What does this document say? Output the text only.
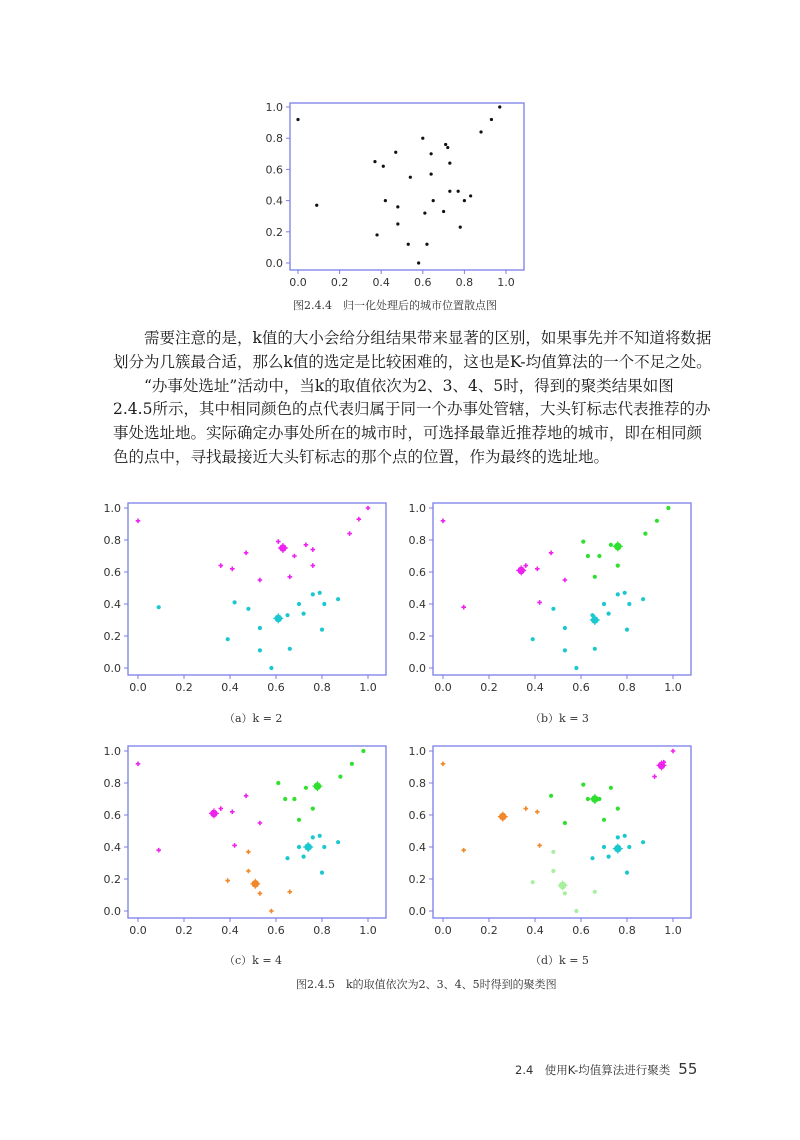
0.0 0.2 0.4 0.6 0.8 1.0
0.0
0.2
0.4
0.6
0.8
1.0
图2.4.4　归一化处理后的城市位置散点图

需要注意的是，k值的大小会给分组结果带来显著的区别，如果事先并不知道将数据划分为几簇最合适，那么k值的选定是比较困难的，这也是K-均值算法的一个不足之处。

“办事处选址”活动中，当k的取值依次为2、3、4、5时，得到的聚类结果如图2.4.5所示，其中相同颜色的点代表归属于同一个办事处管辖，大头钉标志代表推荐的办事处选址地。实际确定办事处所在的城市时，可选择最靠近推荐地的城市，即在相同颜色的点中，寻找最接近大头钉标志的那个点的位置，作为最终的选址地。

0.0	0.2	0.4	0.6	0.8	1.0
0.0
0.2
0.4
0.6
0.8
1.0
（a）k = 2
0.0	0.2	0.4	0.6	0.8	1.0
0.0
0.2
0.4
0.6
0.8
1.0
（b）k = 3
0.0	0.2	0.4	0.6	0.8	1.0
0.0
0.2
0.4
0.6
0.8
1.0
（c）k = 4
0.0	0.2	0.4	0.6	0.8	1.0
0.0
0.2
0.4
0.6
0.8
1.0
（d）k = 5
图2.4.5　k的取值依次为2、3、4、5时得到的聚类图
2.4　使用K-均值算法进行聚类 55
